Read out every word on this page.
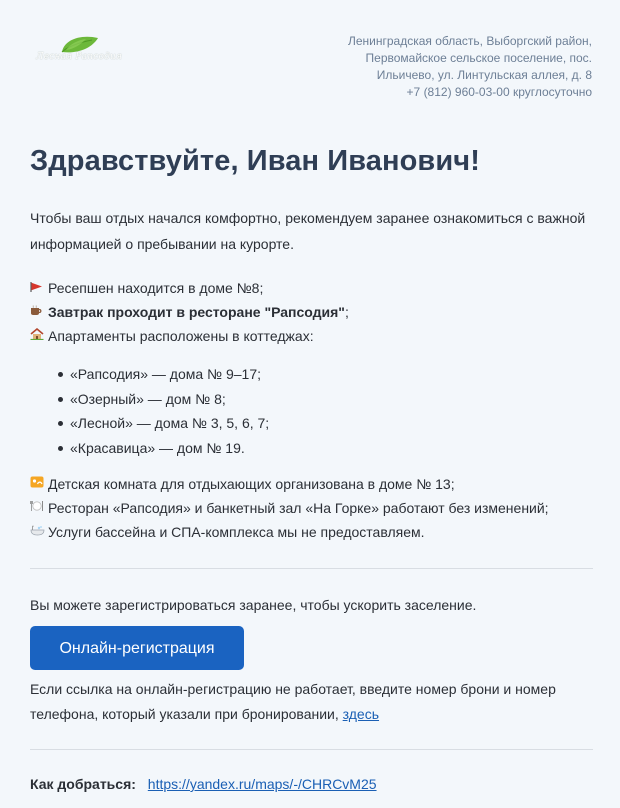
Лесная Рапсодия
Ленинградская область, Выборгский район,
Первомайское сельское поселение, пос.
Ильичево, ул. Линтульская аллея, д. 8
+7 (812) 960-03-00 круглосуточно
Здравствуйте, Иван Иванович!

Чтобы ваш отдых начался комфортно, рекомендуем заранее ознакомиться с важной информацией о пребывании на курорте.

Ресепшен находится в доме №8;
Завтрак проходит в ресторане "Рапсодия" ;
Апартаменты расположены в коттеджах:
«Рапсодия» — дома № 9–17;
«Озерный» — дом № 8;
«Лесной» — дома № 3, 5, 6, 7;
«Красавица» — дом № 19.
Детская комната для отдыхающих организована в доме № 13;
Ресторан «Рапсодия» и банкетный зал «На Горке» работают без изменений;
Услуги бассейна и СПА-комплекса мы не предоставляем.

Вы можете зарегистрироваться заранее, чтобы ускорить заселение.

Онлайн-регистрация

Если ссылка на онлайн-регистрацию не работает, введите номер брони и номер телефона, который указали при бронировании, здесь

Как добраться: https://yandex.ru/maps/-/CHRCvM25
